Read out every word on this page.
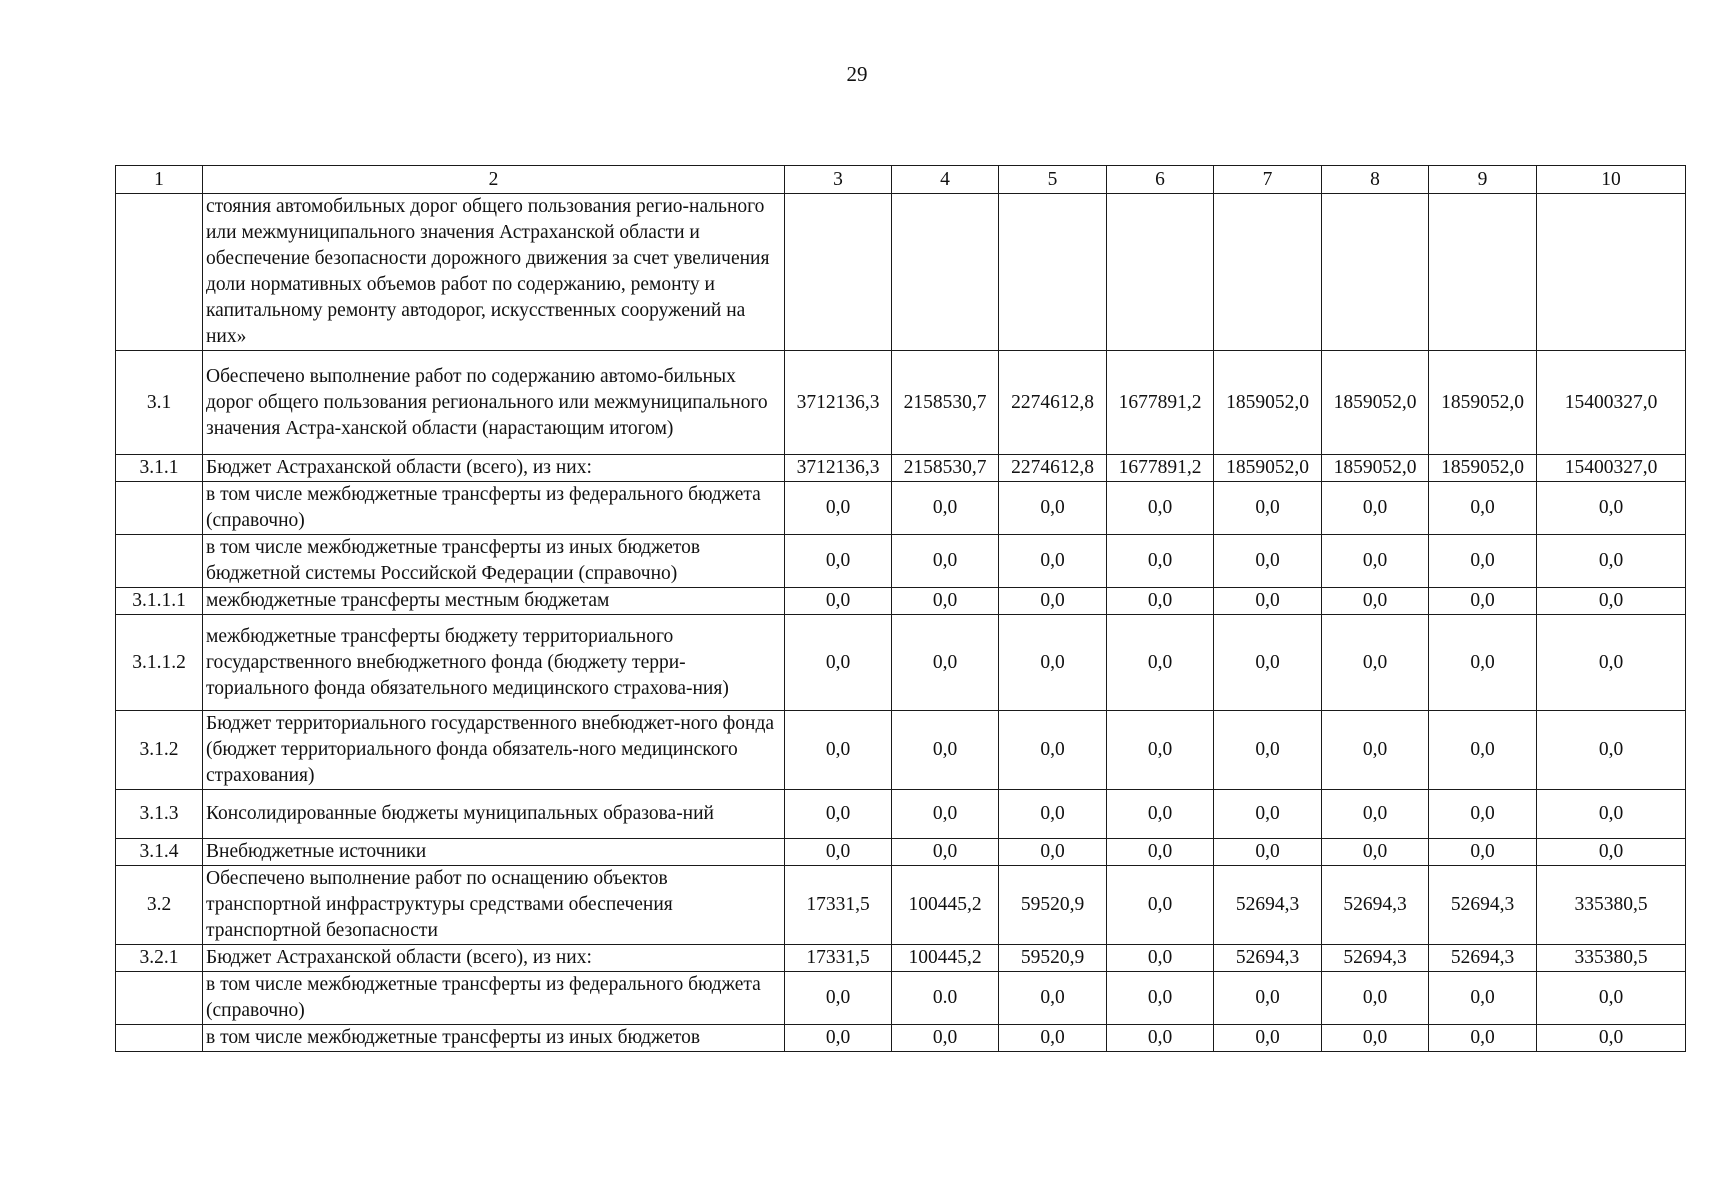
29
1	2	3	4	5	6	7	8	9	10
	стояния автомобильных дорог общего пользования регио-нального или межмуниципального значения Астраханской области и обеспечение безопасности дорожного движения за счет увеличения доли нормативных объемов работ по содержанию, ремонту и капитальному ремонту автодорог, искусственных сооружений на них»								
3.1	Обеспечено выполнение работ по содержанию автомо-бильных дорог общего пользования регионального или межмуниципального значения Астра-ханской области (нарастающим итогом)	3712136,3	2158530,7	2274612,8	1677891,2	1859052,0	1859052,0	1859052,0	15400327,0
3.1.1	Бюджет Астраханской области (всего), из них:	3712136,3	2158530,7	2274612,8	1677891,2	1859052,0	1859052,0	1859052,0	15400327,0
	в том числе межбюджетные трансферты из федерального бюджета (справочно)	0,0	0,0	0,0	0,0	0,0	0,0	0,0	0,0
	в том числе межбюджетные трансферты из иных бюджетов бюджетной системы Российской Федерации (справочно)	0,0	0,0	0,0	0,0	0,0	0,0	0,0	0,0
3.1.1.1	межбюджетные трансферты местным бюджетам	0,0	0,0	0,0	0,0	0,0	0,0	0,0	0,0
3.1.1.2	межбюджетные трансферты бюджету территориального государственного внебюджетного фонда (бюджету терри-ториального фонда обязательного медицинского страхова-ния)	0,0	0,0	0,0	0,0	0,0	0,0	0,0	0,0
3.1.2	Бюджет территориального государственного внебюджет-ного фонда (бюджет территориального фонда обязатель-ного медицинского страхования)	0,0	0,0	0,0	0,0	0,0	0,0	0,0	0,0
3.1.3	Консолидированные бюджеты муниципальных образова-ний	0,0	0,0	0,0	0,0	0,0	0,0	0,0	0,0
3.1.4	Внебюджетные источники	0,0	0,0	0,0	0,0	0,0	0,0	0,0	0,0
3.2	Обеспечено выполнение работ по оснащению объектов транспортной инфраструктуры средствами обеспечения транспортной безопасности	17331,5	100445,2	59520,9	0,0	52694,3	52694,3	52694,3	335380,5
3.2.1	Бюджет Астраханской области (всего), из них:	17331,5	100445,2	59520,9	0,0	52694,3	52694,3	52694,3	335380,5
	в том числе межбюджетные трансферты из федерального бюджета (справочно)	0,0	0.0	0,0	0,0	0,0	0,0	0,0	0,0
	в том числе межбюджетные трансферты из иных бюджетов	0,0	0,0	0,0	0,0	0,0	0,0	0,0	0,0
